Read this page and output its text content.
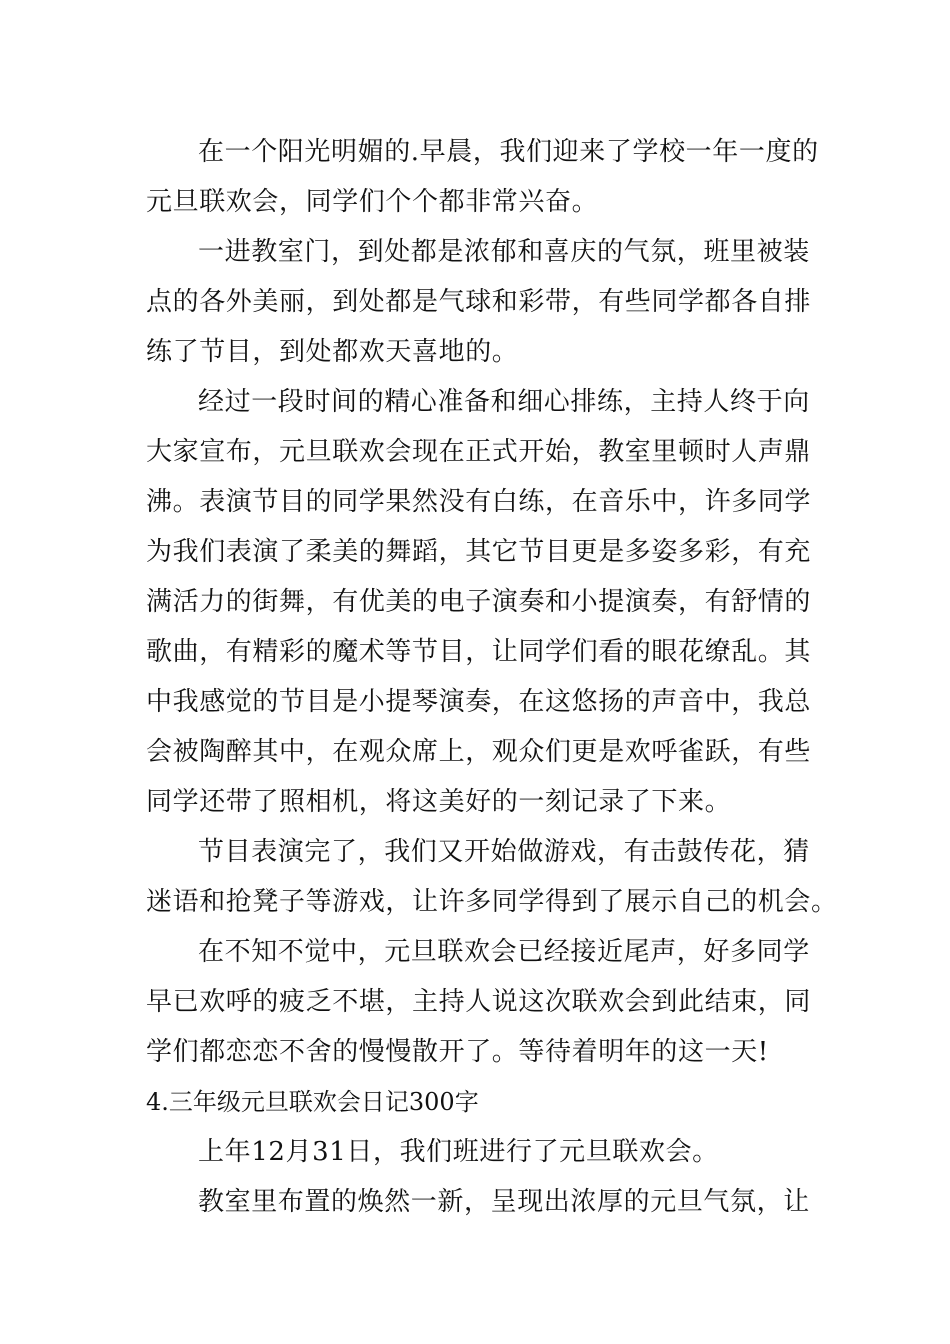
在一个阳光明媚的.早晨，我们迎来了学校一年一度的
元旦联欢会，同学们个个都非常兴奋。
一进教室门，到处都是浓郁和喜庆的气氛，班里被装
点的各外美丽，到处都是气球和彩带，有些同学都各自排
练了节目，到处都欢天喜地的。
经过一段时间的精心准备和细心排练，主持人终于向
大家宣布，元旦联欢会现在正式开始，教室里顿时人声鼎
沸。表演节目的同学果然没有白练，在音乐中，许多同学
为我们表演了柔美的舞蹈，其它节目更是多姿多彩，有充
满活力的街舞，有优美的电子演奏和小提演奏，有舒情的
歌曲，有精彩的魔术等节目，让同学们看的眼花缭乱。其
中我感觉的节目是小提琴演奏，在这悠扬的声音中，我总
会被陶醉其中，在观众席上，观众们更是欢呼雀跃，有些
同学还带了照相机，将这美好的一刻记录了下来。
节目表演完了，我们又开始做游戏，有击鼓传花，猜
迷语和抢凳子等游戏，让许多同学得到了展示自己的机会。
在不知不觉中，元旦联欢会已经接近尾声，好多同学
早已欢呼的疲乏不堪，主持人说这次联欢会到此结束，同
学们都恋恋不舍的慢慢散开了。等待着明年的这一天!
4.三年级元旦联欢会日记300字
上年12月31日，我们班进行了元旦联欢会。
教室里布置的焕然一新，呈现出浓厚的元旦气氛，让
